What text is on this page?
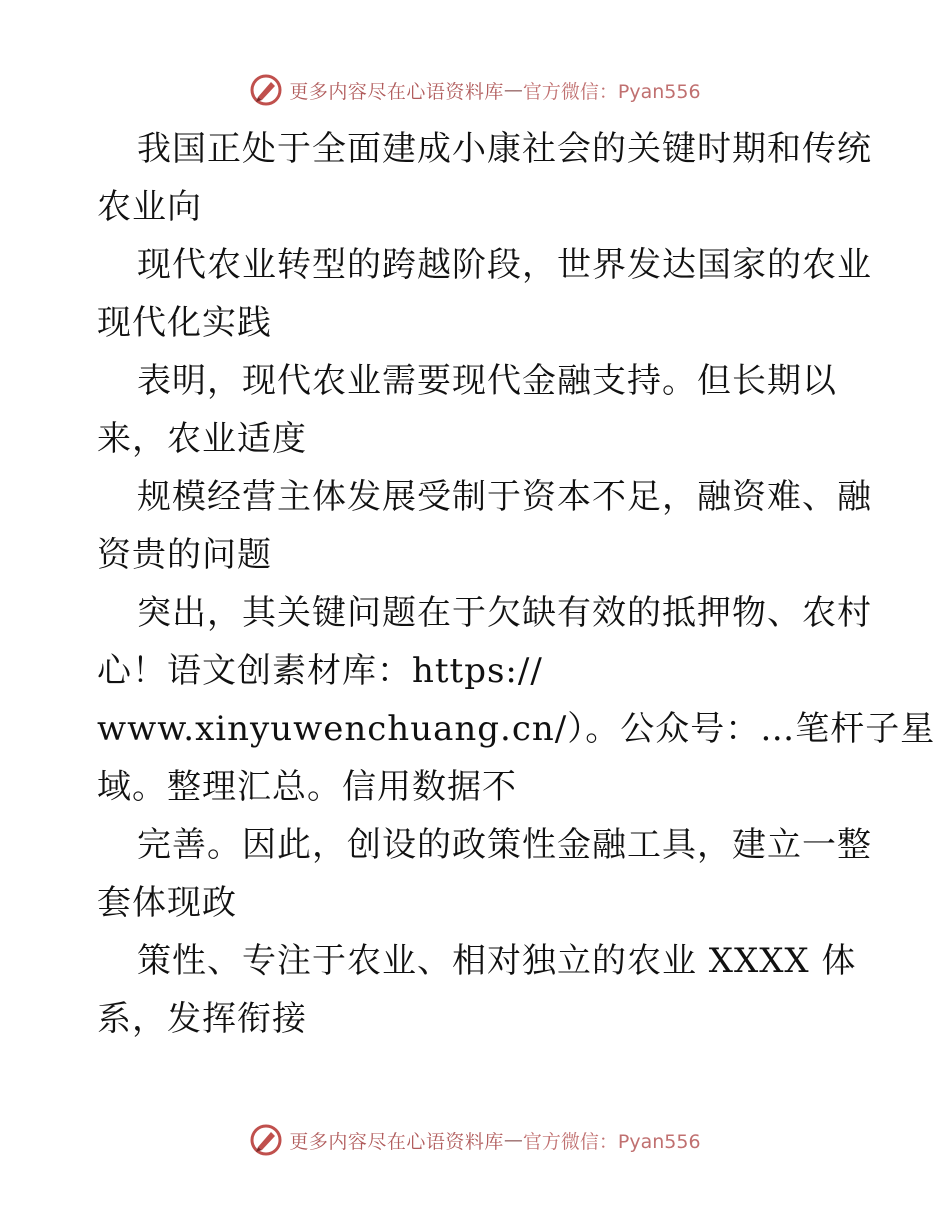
更多内容尽在心语资料库 — 官方微信：Pyan556
我国正处于全面建成小康社会的关键时期和传统
农业向
现代农业转型的跨越阶段，世界发达国家的农业
现代化实践
表明，现代农业需要现代金融支持。但长期以
来，农业适度
规模经营主体发展受制于资本不足，融资难、融
资贵的问题
突出，其关键问题在于欠缺有效的抵押物、农村
心！语文创素材库：https://
www.xinyuwenchuang.cn/）。公众号：…笔杆子星
域。整理汇总。信用数据不
完善。因此，创设的政策性金融工具，建立一整
套体现政
策性、专注于农业、相对独立的农业 XXXX 体
系，发挥衔接
更多内容尽在心语资料库 — 官方微信：Pyan556
